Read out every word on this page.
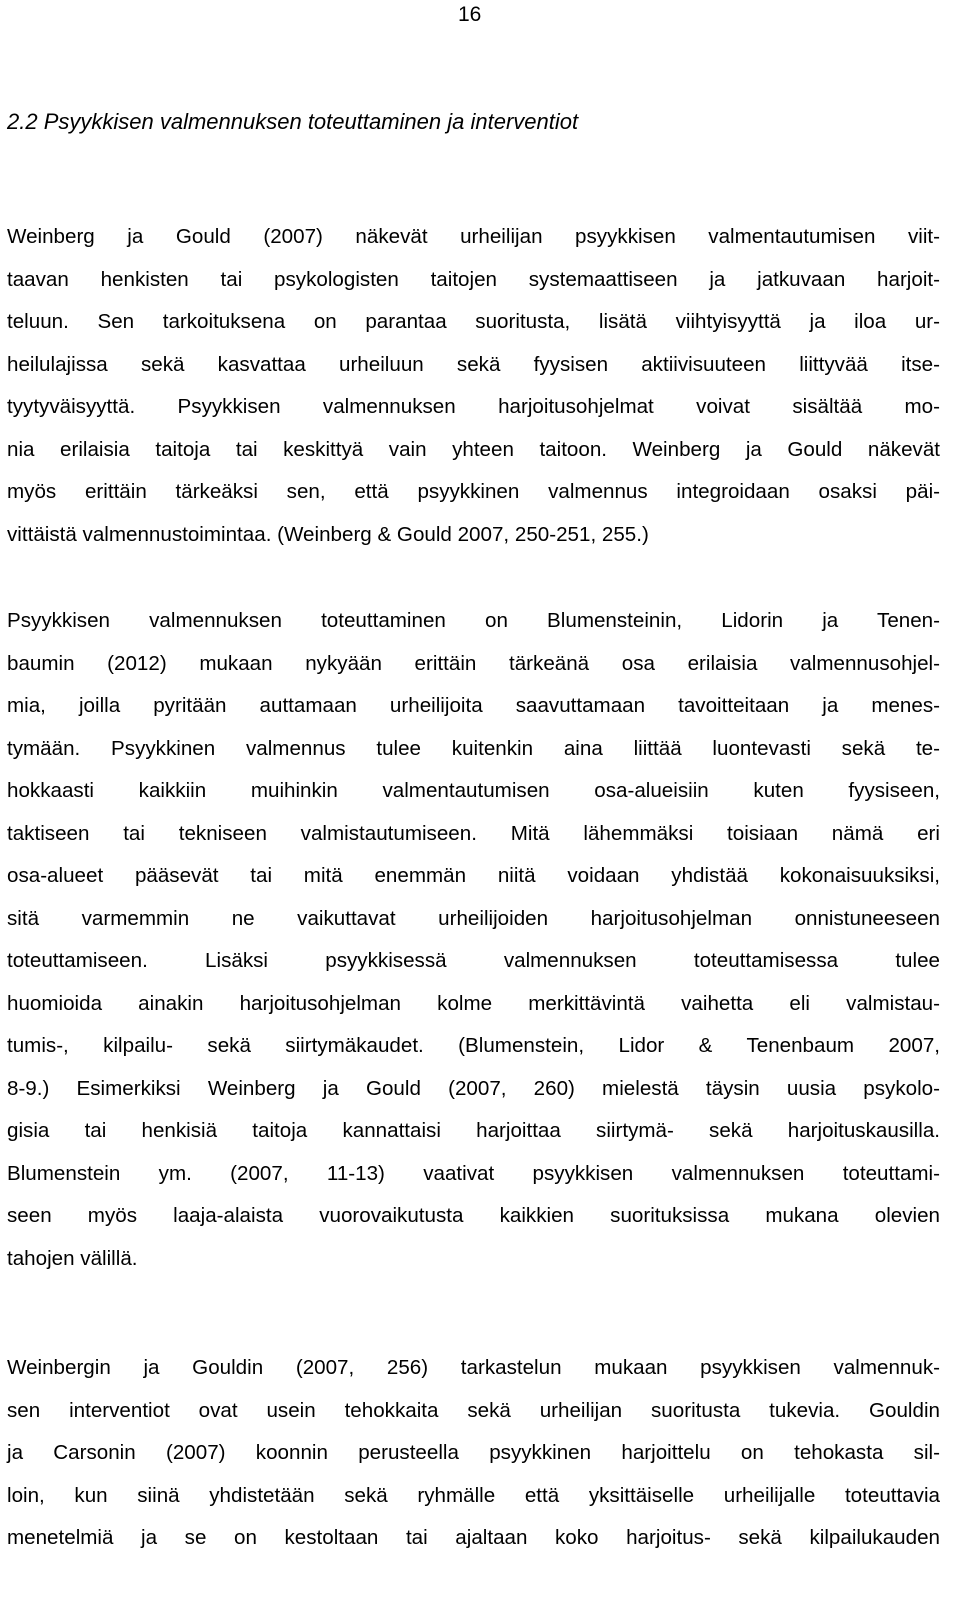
16
2.2 Psyykkisen valmennuksen toteuttaminen ja interventiot
Weinberg ja Gould (2007) näkevät urheilijan psyykkisen valmentautumisen viit-
taavan henkisten tai psykologisten taitojen systemaattiseen ja jatkuvaan harjoit-
teluun. Sen tarkoituksena on parantaa suoritusta, lisätä viihtyisyyttä ja iloa ur-
heilulajissa sekä kasvattaa urheiluun sekä fyysisen aktiivisuuteen liittyvää itse-
tyytyväisyyttä. Psyykkisen valmennuksen harjoitusohjelmat voivat sisältää mo-
nia erilaisia taitoja tai keskittyä vain yhteen taitoon. Weinberg ja Gould näkevät
myös erittäin tärkeäksi sen, että psyykkinen valmennus integroidaan osaksi päi-
vittäistä valmennustoimintaa. (Weinberg & Gould 2007, 250-251, 255.)
Psyykkisen valmennuksen toteuttaminen on Blumensteinin, Lidorin ja Tenen-
baumin (2012) mukaan nykyään erittäin tärkeänä osa erilaisia valmennusohjel-
mia, joilla pyritään auttamaan urheilijoita saavuttamaan tavoitteitaan ja menes-
tymään. Psyykkinen valmennus tulee kuitenkin aina liittää luontevasti sekä te-
hokkaasti kaikkiin muihinkin valmentautumisen osa-alueisiin kuten fyysiseen,
taktiseen tai tekniseen valmistautumiseen. Mitä lähemmäksi toisiaan nämä eri
osa-alueet pääsevät tai mitä enemmän niitä voidaan yhdistää kokonaisuuksiksi,
sitä varmemmin ne vaikuttavat urheilijoiden harjoitusohjelman onnistuneeseen
toteuttamiseen. Lisäksi psyykkisessä valmennuksen toteuttamisessa tulee
huomioida ainakin harjoitusohjelman kolme merkittävintä vaihetta eli valmistau-
tumis-, kilpailu- sekä siirtymäkaudet. (Blumenstein, Lidor & Tenenbaum 2007,
8-9.) Esimerkiksi Weinberg ja Gould (2007, 260) mielestä täysin uusia psykolo-
gisia tai henkisiä taitoja kannattaisi harjoittaa siirtymä- sekä harjoituskausilla.
Blumenstein ym. (2007, 11-13) vaativat psyykkisen valmennuksen toteuttami-
seen myös laaja-alaista vuorovaikutusta kaikkien suorituksissa mukana olevien
tahojen välillä.
Weinbergin ja Gouldin (2007, 256) tarkastelun mukaan psyykkisen valmennuk-
sen interventiot ovat usein tehokkaita sekä urheilijan suoritusta tukevia. Gouldin
ja Carsonin (2007) koonnin perusteella psyykkinen harjoittelu on tehokasta sil-
loin, kun siinä yhdistetään sekä ryhmälle että yksittäiselle urheilijalle toteuttavia
menetelmiä ja se on kestoltaan tai ajaltaan koko harjoitus- sekä kilpailukauden
